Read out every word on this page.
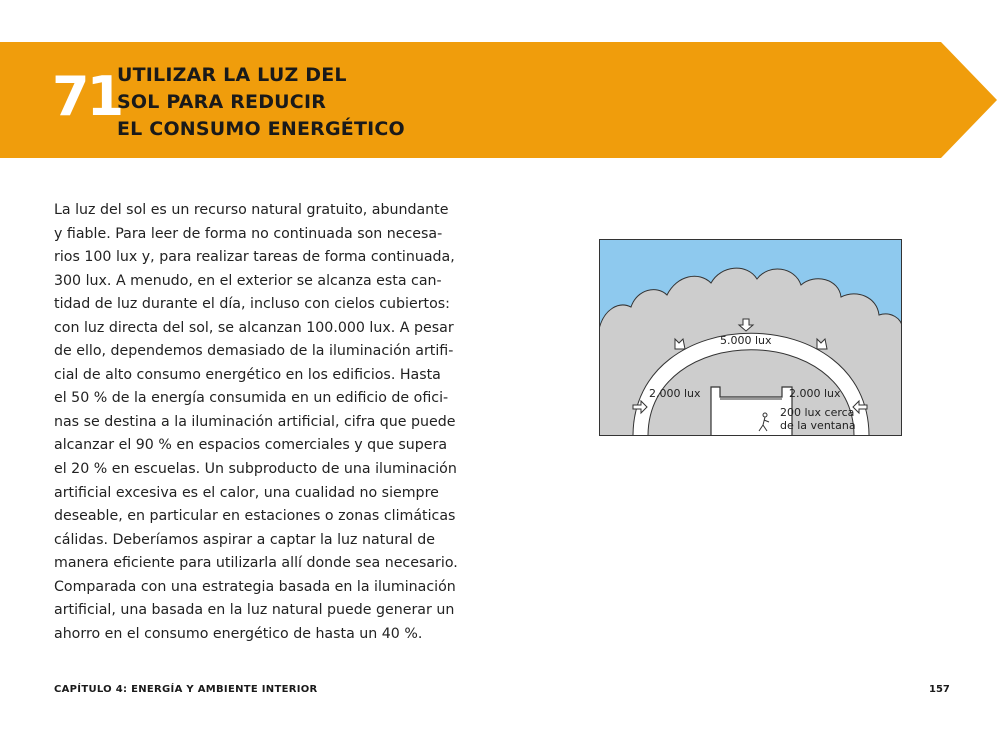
71
UTILIZAR LA LUZ DEL
SOL PARA REDUCIR
EL CONSUMO ENERGÉTICO
La luz del sol es un recurso natural gratuito, abundante
y fiable. Para leer de forma no continuada son necesa-
rios 100 lux y, para realizar tareas de forma continuada,
300 lux. A menudo, en el exterior se alcanza esta can-
tidad de luz durante el día, incluso con cielos cubiertos:
con luz directa del sol, se alcanzan 100.000 lux. A pesar
de ello, dependemos demasiado de la iluminación artifi-
cial de alto consumo energético en los edificios. Hasta
el 50 % de la energía consumida en un edificio de ofici-
nas se destina a la iluminación artificial, cifra que puede
alcanzar el 90 % en espacios comerciales y que supera
el 20 % en escuelas. Un subproducto de una iluminación
artificial excesiva es el calor, una cualidad no siempre
deseable, en particular en estaciones o zonas climáticas
cálidas. Deberíamos aspirar a captar la luz natural de
manera eficiente para utilizarla allí donde sea necesario.
Comparada con una estrategia basada en la iluminación
artificial, una basada en la luz natural puede generar un
ahorro en el consumo energético de hasta un 40 %.
5.000 lux
2.000 lux	2.000 lux
200 lux cerca
de la ventana
CAPÍTULO 4: ENERGÍA Y AMBIENTE INTERIOR	157
